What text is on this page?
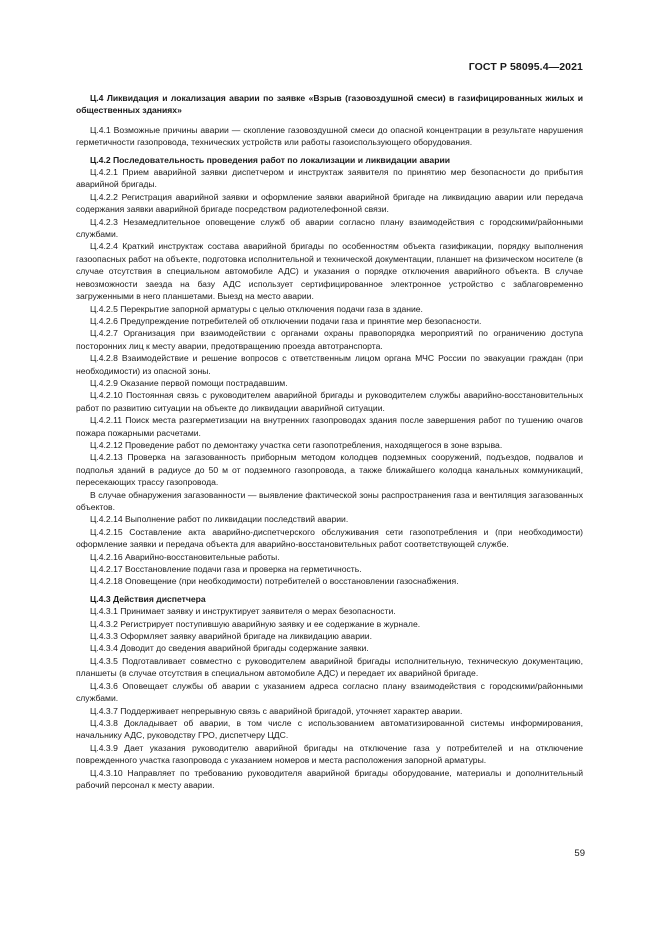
ГОСТ Р 58095.4—2021

Ц.4 Ликвидация и локализация аварии по заявке «Взрыв (газовоздушной смеси) в газифицированных жилых и общественных зданиях»

Ц.4.1 Возможные причины аварии — скопление газовоздушной смеси до опасной концентрации в результате нарушения герметичности газопровода, технических устройств или работы газоиспользующего оборудования.

Ц.4.2 Последовательность проведения работ по локализации и ликвидации аварии

Ц.4.2.1 Прием аварийной заявки диспетчером и инструктаж заявителя по принятию мер безопасности до прибытия аварийной бригады.

Ц.4.2.2 Регистрация аварийной заявки и оформление заявки аварийной бригаде на ликвидацию аварии или передача содержания заявки аварийной бригаде посредством радиотелефонной связи.

Ц.4.2.3 Незамедлительное оповещение служб об аварии согласно плану взаимодействия с городскими/районными службами.

Ц.4.2.4 Краткий инструктаж состава аварийной бригады по особенностям объекта газификации, порядку выполнения газоопасных работ на объекте, подготовка исполнительной и технической документации, планшет на физическом носителе (в случае отсутствия в специальном автомобиле АДС) и указания о порядке отключения аварийного объекта. В случае невозможности заезда на базу АДС использует сертифицированное электронное устройство с заблаговременно загруженными в него планшетами. Выезд на место аварии.

Ц.4.2.5 Перекрытие запорной арматуры с целью отключения подачи газа в здание.

Ц.4.2.6 Предупреждение потребителей об отключении подачи газа и принятие мер безопасности.

Ц.4.2.7 Организация при взаимодействии с органами охраны правопорядка мероприятий по ограничению доступа посторонних лиц к месту аварии, предотвращению проезда автотранспорта.

Ц.4.2.8 Взаимодействие и решение вопросов с ответственным лицом органа МЧС России по эвакуации граждан (при необходимости) из опасной зоны.

Ц.4.2.9 Оказание первой помощи пострадавшим.

Ц.4.2.10 Постоянная связь с руководителем аварийной бригады и руководителем службы аварийно-восстановительных работ по развитию ситуации на объекте до ликвидации аварийной ситуации.

Ц.4.2.11 Поиск места разгерметизации на внутренних газопроводах здания после завершения работ по тушению очагов пожара пожарными расчетами.

Ц.4.2.12 Проведение работ по демонтажу участка сети газопотребления, находящегося в зоне взрыва.

Ц.4.2.13 Проверка на загазованность приборным методом колодцев подземных сооружений, подъездов, подвалов и подполья зданий в радиусе до 50 м от подземного газопровода, а также ближайшего колодца канальных коммуникаций, пересекающих трассу газопровода.

В случае обнаружения загазованности — выявление фактической зоны распространения газа и вентиляция загазованных объектов.

Ц.4.2.14 Выполнение работ по ликвидации последствий аварии.

Ц.4.2.15 Составление акта аварийно-диспетчерского обслуживания сети газопотребления и (при необходимости) оформление заявки и передача объекта для аварийно-восстановительных работ соответствующей службе.

Ц.4.2.16 Аварийно-восстановительные работы.

Ц.4.2.17 Восстановление подачи газа и проверка на герметичность.

Ц.4.2.18 Оповещение (при необходимости) потребителей о восстановлении газоснабжения.

Ц.4.3 Действия диспетчера

Ц.4.3.1 Принимает заявку и инструктирует заявителя о мерах безопасности.

Ц.4.3.2 Регистрирует поступившую аварийную заявку и ее содержание в журнале.

Ц.4.3.3 Оформляет заявку аварийной бригаде на ликвидацию аварии.

Ц.4.3.4 Доводит до сведения аварийной бригады содержание заявки.

Ц.4.3.5 Подготавливает совместно с руководителем аварийной бригады исполнительную, техническую документацию, планшеты (в случае отсутствия в специальном автомобиле АДС) и передает их аварийной бригаде.

Ц.4.3.6 Оповещает службы об аварии с указанием адреса согласно плану взаимодействия с городскими/районными службами.

Ц.4.3.7 Поддерживает непрерывную связь с аварийной бригадой, уточняет характер аварии.

Ц.4.3.8 Докладывает об аварии, в том числе с использованием автоматизированной системы информирования, начальнику АДС, руководству ГРО, диспетчеру ЦДС.

Ц.4.3.9 Дает указания руководителю аварийной бригады на отключение газа у потребителей и на отключение поврежденного участка газопровода с указанием номеров и места расположения запорной арматуры.

Ц.4.3.10 Направляет по требованию руководителя аварийной бригады оборудование, материалы и дополнительный рабочий персонал к месту аварии.

59
